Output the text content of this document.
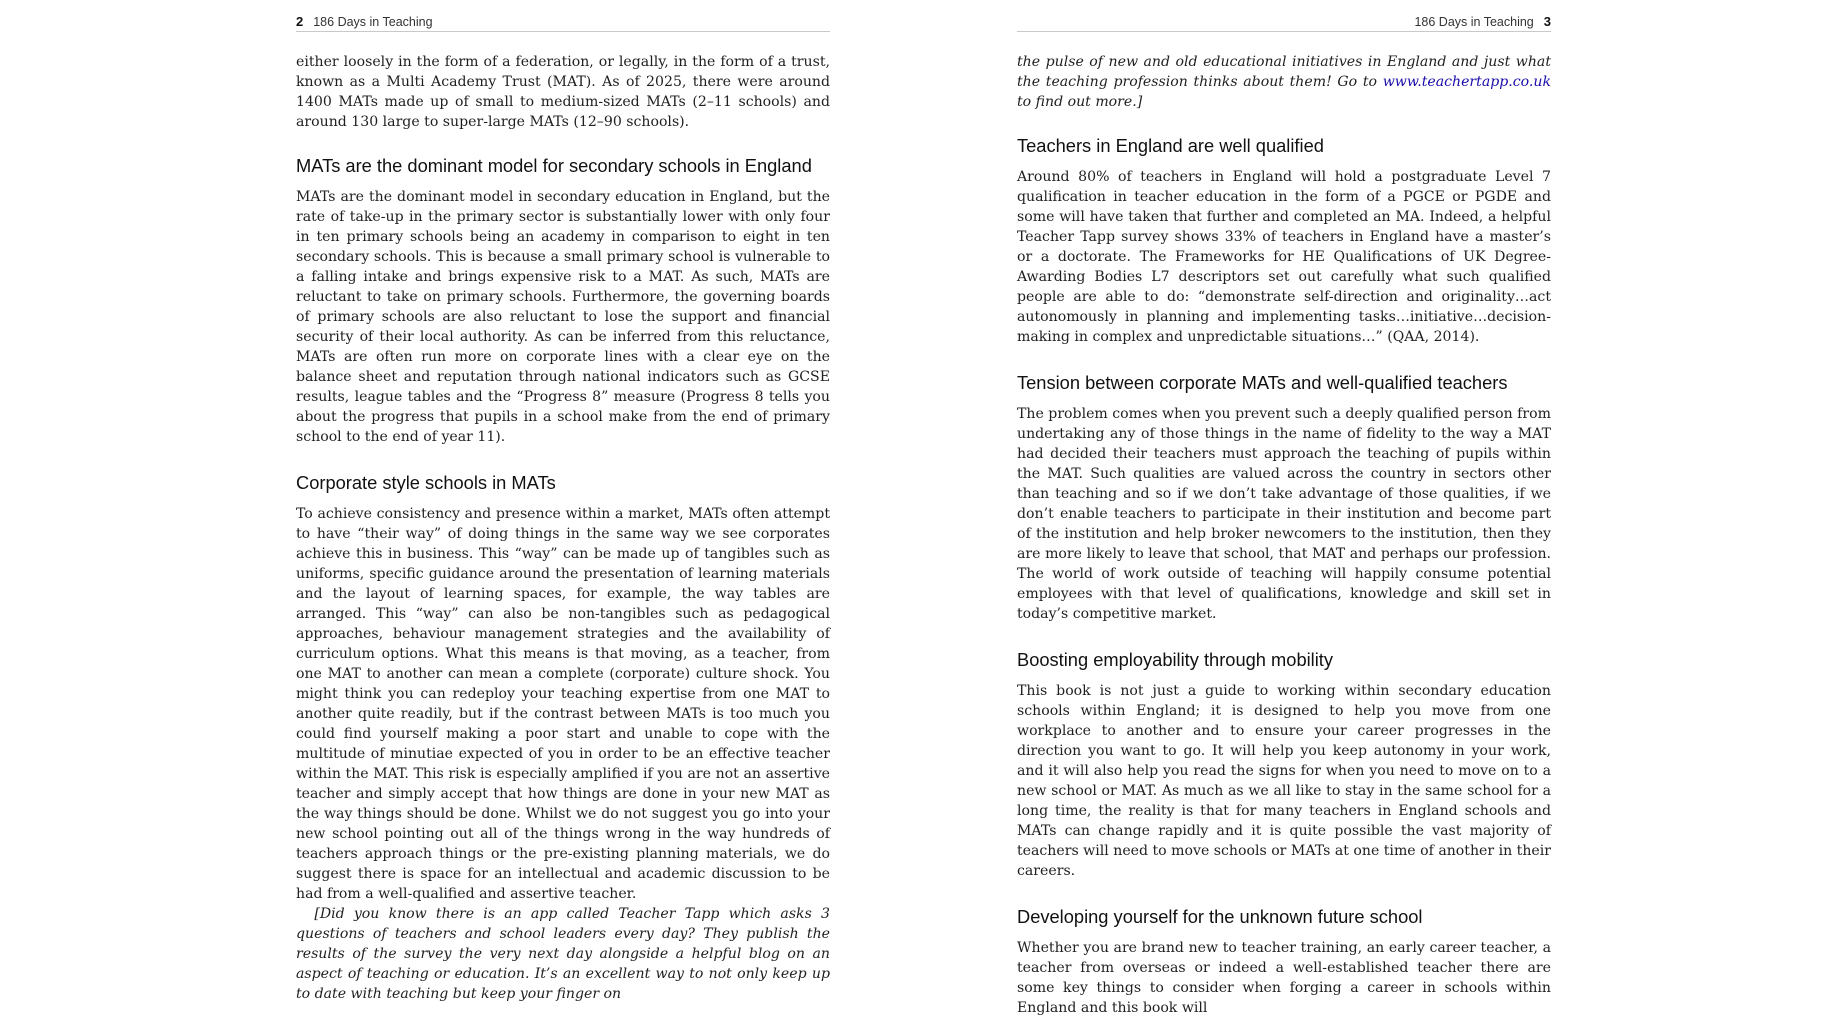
2 186 Days in Teaching

either loosely in the form of a federation, or legally, in the form of a trust, known as a Multi Academy Trust (MAT). As of 2025, there were around 1400 MATs made up of small to medium-sized MATs (2–11 schools) and around 130 large to super-large MATs (12–90 schools).

MATs are the dominant model for secondary schools in England

MATs are the dominant model in secondary education in England, but the rate of take-up in the primary sector is substantially lower with only four in ten primary schools being an academy in comparison to eight in ten secondary schools. This is because a small primary school is vulnerable to a falling intake and brings expensive risk to a MAT. As such, MATs are reluctant to take on primary schools. Furthermore, the governing boards of primary schools are also reluctant to lose the support and financial security of their local authority. As can be inferred from this reluctance, MATs are often run more on corporate lines with a clear eye on the balance sheet and reputation through national indicators such as GCSE results, league tables and the “Progress 8” measure (Progress 8 tells you about the progress that pupils in a school make from the end of primary school to the end of year 11).

Corporate style schools in MATs

To achieve consistency and presence within a market, MATs often attempt to have “their way” of doing things in the same way we see corporates achieve this in business. This “way” can be made up of tangibles such as uniforms, specific guidance around the presentation of learning materials and the layout of learning spaces, for example, the way tables are arranged. This “way” can also be non-tangibles such as pedagogical approaches, behaviour management strategies and the availability of curriculum options. What this means is that moving, as a teacher, from one MAT to another can mean a complete (corporate) culture shock. You might think you can redeploy your teaching expertise from one MAT to another quite readily, but if the contrast between MATs is too much you could find yourself making a poor start and unable to cope with the multitude of minutiae expected of you in order to be an effective teacher within the MAT. This risk is especially amplified if you are not an assertive teacher and simply accept that how things are done in your new MAT as the way things should be done. Whilst we do not suggest you go into your new school pointing out all of the things wrong in the way hundreds of teachers approach things or the pre-existing planning materials, we do suggest there is space for an intellectual and academic discussion to be had from a well-qualified and assertive teacher.

[Did you know there is an app called Teacher Tapp which asks 3 questions of teachers and school leaders every day? They publish the results of the survey the very next day alongside a helpful blog on an aspect of teaching or education. It’s an excellent way to not only keep up to date with teaching but keep your finger on

186 Days in Teaching 3

the pulse of new and old educational initiatives in England and just what the teaching profession thinks about them! Go to www.teachertapp.co.uk to find out more.]

Teachers in England are well qualified

Around 80% of teachers in England will hold a postgraduate Level 7 qualification in teacher education in the form of a PGCE or PGDE and some will have taken that further and completed an MA. Indeed, a helpful Teacher Tapp survey shows 33% of teachers in England have a master’s or a doctorate. The Frameworks for HE Qualifications of UK Degree-Awarding Bodies L7 descriptors set out carefully what such qualified people are able to do: “demonstrate self-direction and originality…act autonomously in planning and implementing tasks…initiative…decision-making in complex and unpredictable situations…” (QAA, 2014).

Tension between corporate MATs and well-qualified teachers

The problem comes when you prevent such a deeply qualified person from undertaking any of those things in the name of fidelity to the way a MAT had decided their teachers must approach the teaching of pupils within the MAT. Such qualities are valued across the country in sectors other than teaching and so if we don’t take advantage of those qualities, if we don’t enable teachers to participate in their institution and become part of the institution and help broker newcomers to the institution, then they are more likely to leave that school, that MAT and perhaps our profession. The world of work outside of teaching will happily consume potential employees with that level of qualifications, knowledge and skill set in today’s competitive market.

Boosting employability through mobility

This book is not just a guide to working within secondary education schools within England; it is designed to help you move from one workplace to another and to ensure your career progresses in the direction you want to go. It will help you keep autonomy in your work, and it will also help you read the signs for when you need to move on to a new school or MAT. As much as we all like to stay in the same school for a long time, the reality is that for many teachers in England schools and MATs can change rapidly and it is quite possible the vast majority of teachers will need to move schools or MATs at one time of another in their careers.

Developing yourself for the unknown future school

Whether you are brand new to teacher training, an early career teacher, a teacher from overseas or indeed a well-established teacher there are some key things to consider when forging a career in schools within England and this book will
